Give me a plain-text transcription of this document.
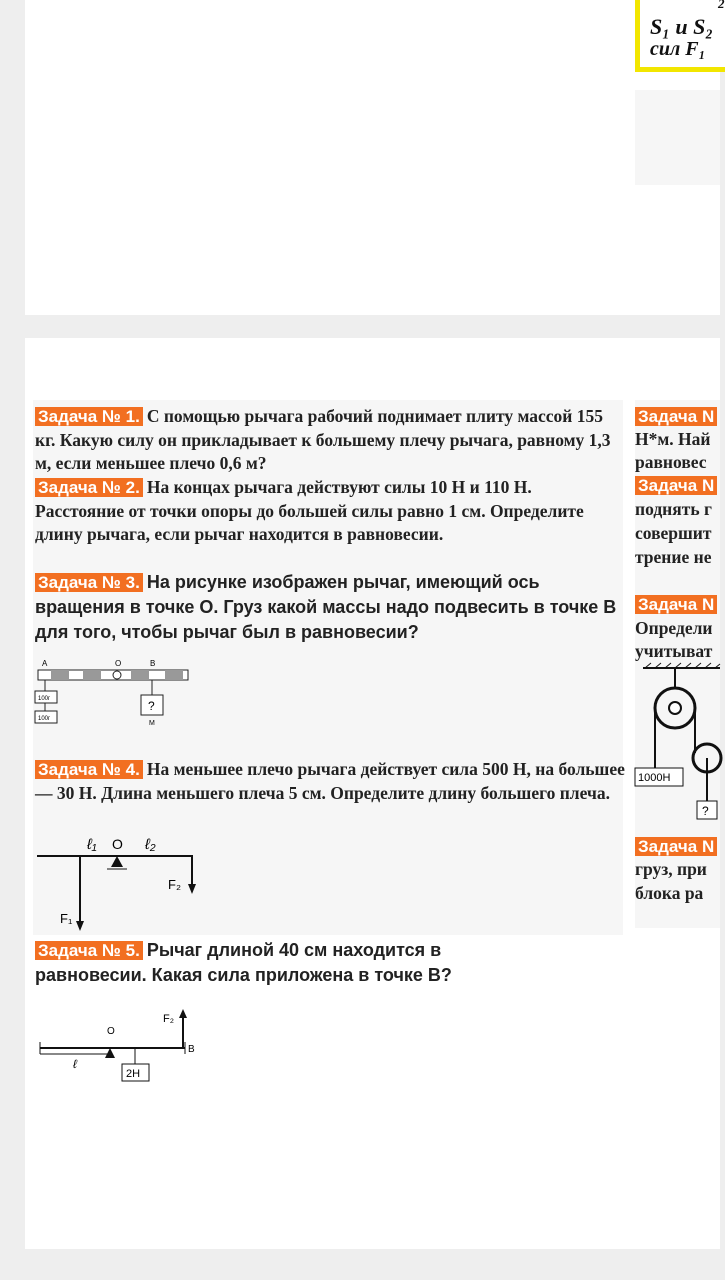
2
S₁ и S₂
сил F₁
Задача № 1. С помощью рычага рабочий поднимает плиту массой 155 кг. Какую силу он прикладывает к большему плечу рычага, равному 1,3 м, если меньшее плечо 0,6 м?
Задача № 2. На концах рычага действуют силы 10 Н и 110 Н. Расстояние от точки опоры до большей силы равно 1 см. Определите длину рычага, если рычаг находится в равновесии.
Задача № 3. На рисунке изображен рычаг, имеющий ось вращения в точке О. Груз какой массы надо подвесить в точке В для того, чтобы рычаг был в равновесии?
A	O	B
100г
100г
?
M
Задача № 4. На меньшее плечо рычага действует сила 500 Н, на большее — 30 Н. Длина меньшего плеча 5 см. Определите длину большего плеча.
ℓ₁ O ℓ₂
F₁
F₂
Задача № 5. Рычаг длиной 40 см находится в равновесии. Какая сила приложена в точке В?
O
F₂
ℓ
B
2Н
Задача N
Н*м. Най
равновес
Задача N
поднять г
совершит
трение не
Задача N
Определи
учитыват
1000Н
?
Задача N
груз, при
блока ра
